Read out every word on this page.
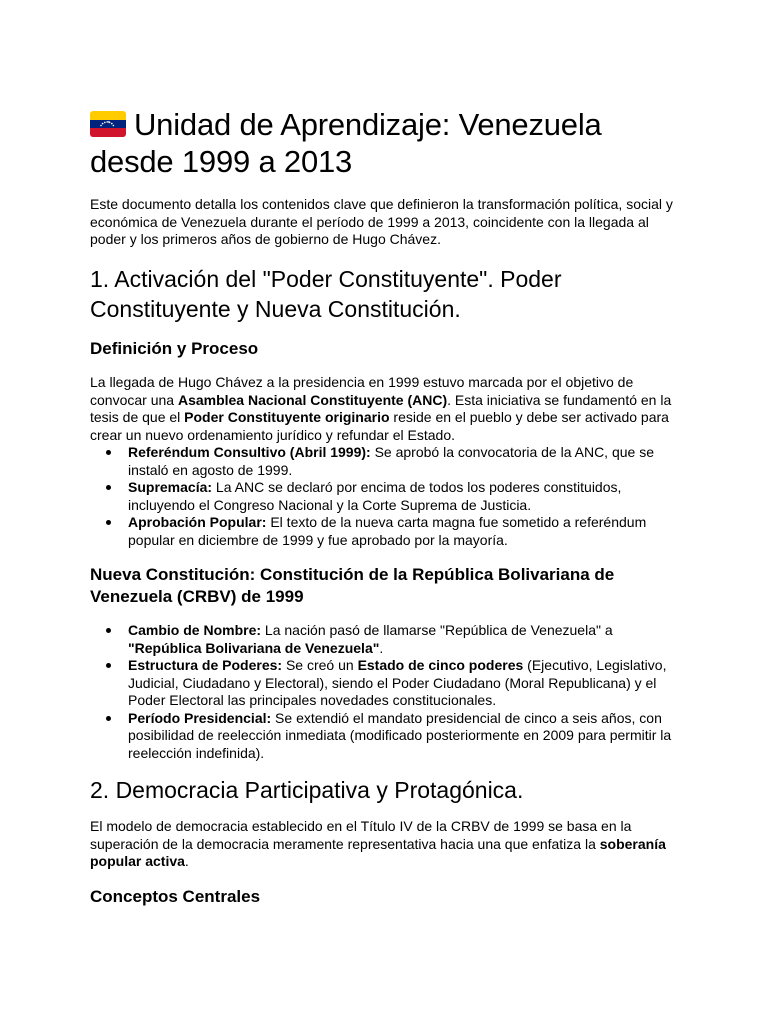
Unidad de Aprendizaje: Venezuela desde 1999 a 2013

Este documento detalla los contenidos clave que definieron la transformación política, social y económica de Venezuela durante el período de 1999 a 2013, coincidente con la llegada al poder y los primeros años de gobierno de Hugo Chávez.

1. Activación del "Poder Constituyente". Poder Constituyente y Nueva Constitución.
Definición y Proceso

La llegada de Hugo Chávez a la presidencia en 1999 estuvo marcada por el objetivo de convocar una Asamblea Nacional Constituyente (ANC). Esta iniciativa se fundamentó en la tesis de que el Poder Constituyente originario reside en el pueblo y debe ser activado para crear un nuevo ordenamiento jurídico y refundar el Estado.

Referéndum Consultivo (Abril 1999): Se aprobó la convocatoria de la ANC, que se instaló en agosto de 1999.
Supremacía: La ANC se declaró por encima de todos los poderes constituidos, incluyendo el Congreso Nacional y la Corte Suprema de Justicia.
Aprobación Popular: El texto de la nueva carta magna fue sometido a referéndum popular en diciembre de 1999 y fue aprobado por la mayoría.
Nueva Constitución: Constitución de la República Bolivariana de Venezuela (CRBV) de 1999
Cambio de Nombre: La nación pasó de llamarse "República de Venezuela" a "República Bolivariana de Venezuela".
Estructura de Poderes: Se creó un Estado de cinco poderes (Ejecutivo, Legislativo, Judicial, Ciudadano y Electoral), siendo el Poder Ciudadano (Moral Republicana) y el Poder Electoral las principales novedades constitucionales.
Período Presidencial: Se extendió el mandato presidencial de cinco a seis años, con posibilidad de reelección inmediata (modificado posteriormente en 2009 para permitir la reelección indefinida).
2. Democracia Participativa y Protagónica.

El modelo de democracia establecido en el Título IV de la CRBV de 1999 se basa en la superación de la democracia meramente representativa hacia una que enfatiza la soberanía popular activa.

Conceptos Centrales
